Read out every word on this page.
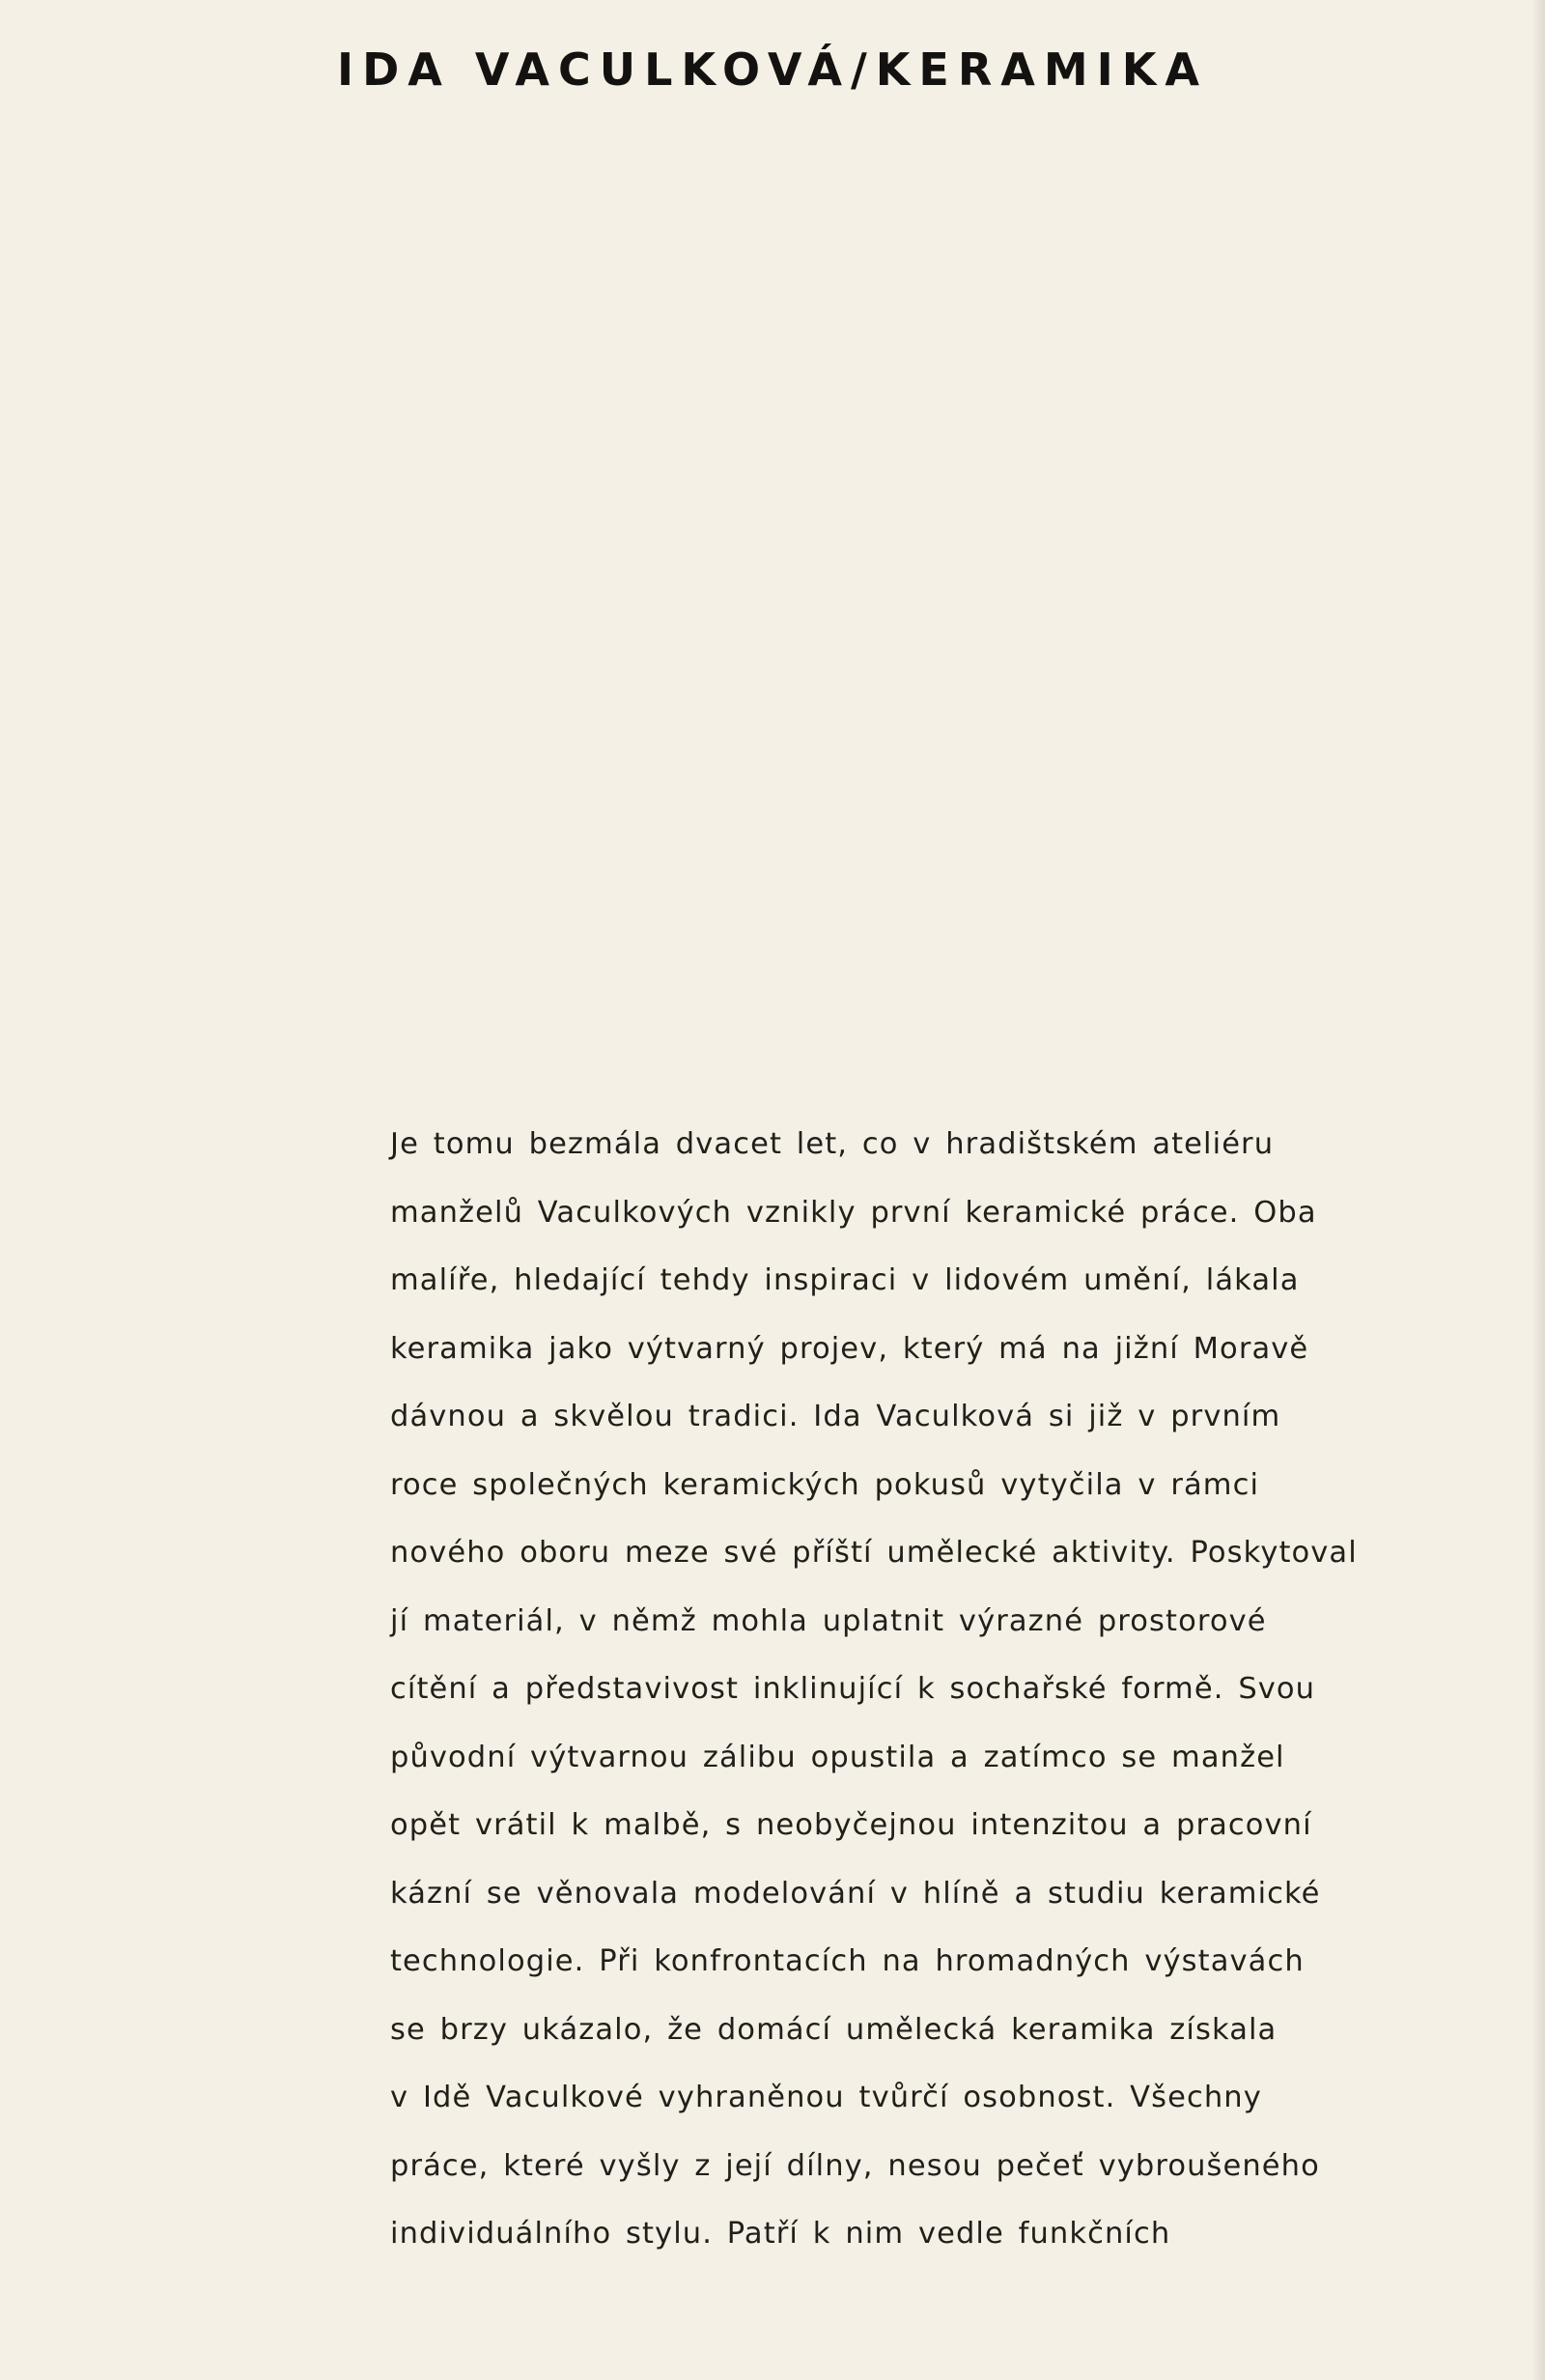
IDA VACULKOVÁ/KERAMIKA
Je tomu bezmála dvacet let, co v hradištském ateliéru
manželů Vaculkových vznikly první keramické práce. Oba
malíře, hledající tehdy inspiraci v lidovém umění, lákala
keramika jako výtvarný projev, který má na jižní Moravě
dávnou a skvělou tradici. Ida Vaculková si již v prvním
roce společných keramických pokusů vytyčila v rámci
nového oboru meze své příští umělecké aktivity. Poskytoval
jí materiál, v němž mohla uplatnit výrazné prostorové
cítění a představivost inklinující k sochařské formě. Svou
původní výtvarnou zálibu opustila a zatímco se manžel
opět vrátil k malbě, s neobyčejnou intenzitou a pracovní
kázní se věnovala modelování v hlíně a studiu keramické
technologie. Při konfrontacích na hromadných výstavách
se brzy ukázalo, že domácí umělecká keramika získala
v Idě Vaculkové vyhraněnou tvůrčí osobnost. Všechny
práce, které vyšly z její dílny, nesou pečeť vybroušeného
individuálního stylu. Patří k nim vedle funkčních
